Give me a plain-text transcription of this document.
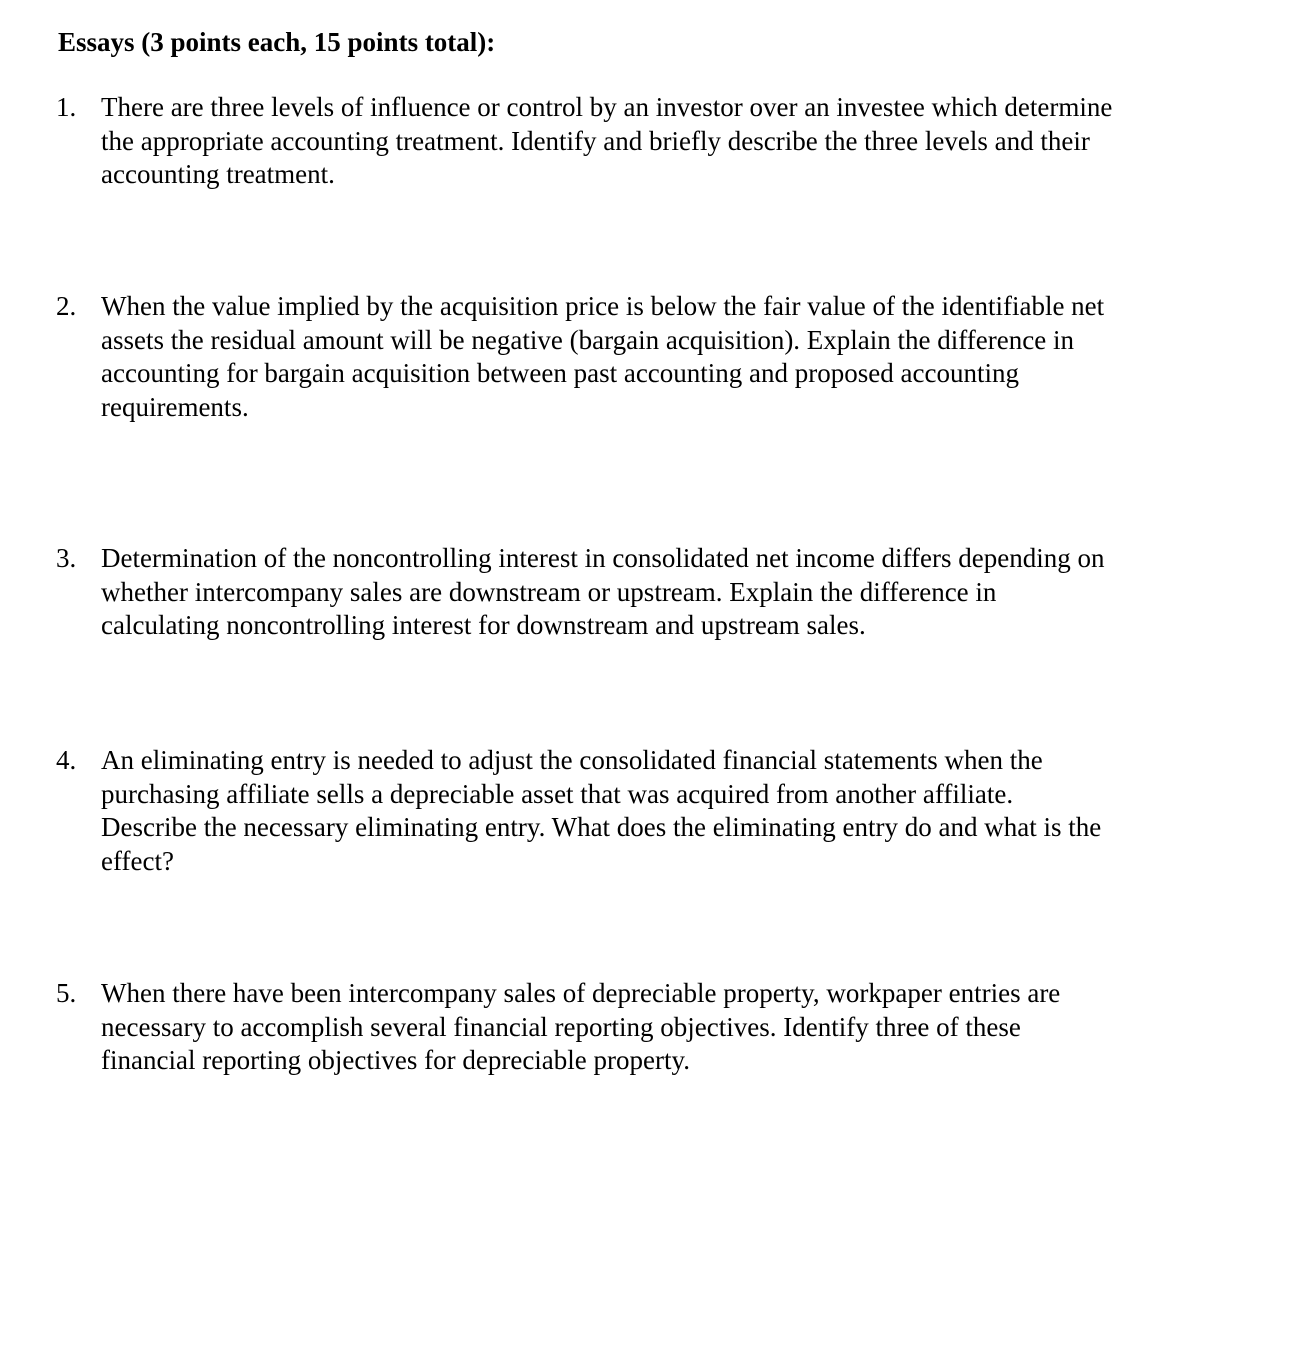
Essays (3 points each, 15 points total):
1. There are three levels of influence or control by an investor over an investee which determine
the appropriate accounting treatment. Identify and briefly describe the three levels and their
accounting treatment.
2. When the value implied by the acquisition price is below the fair value of the identifiable net
assets the residual amount will be negative (bargain acquisition). Explain the difference in
accounting for bargain acquisition between past accounting and proposed accounting
requirements.
3. Determination of the noncontrolling interest in consolidated net income differs depending on
whether intercompany sales are downstream or upstream. Explain the difference in
calculating noncontrolling interest for downstream and upstream sales.
4. An eliminating entry is needed to adjust the consolidated financial statements when the
purchasing affiliate sells a depreciable asset that was acquired from another affiliate.
Describe the necessary eliminating entry. What does the eliminating entry do and what is the
effect?
5. When there have been intercompany sales of depreciable property, workpaper entries are
necessary to accomplish several financial reporting objectives. Identify three of these
financial reporting objectives for depreciable property.
